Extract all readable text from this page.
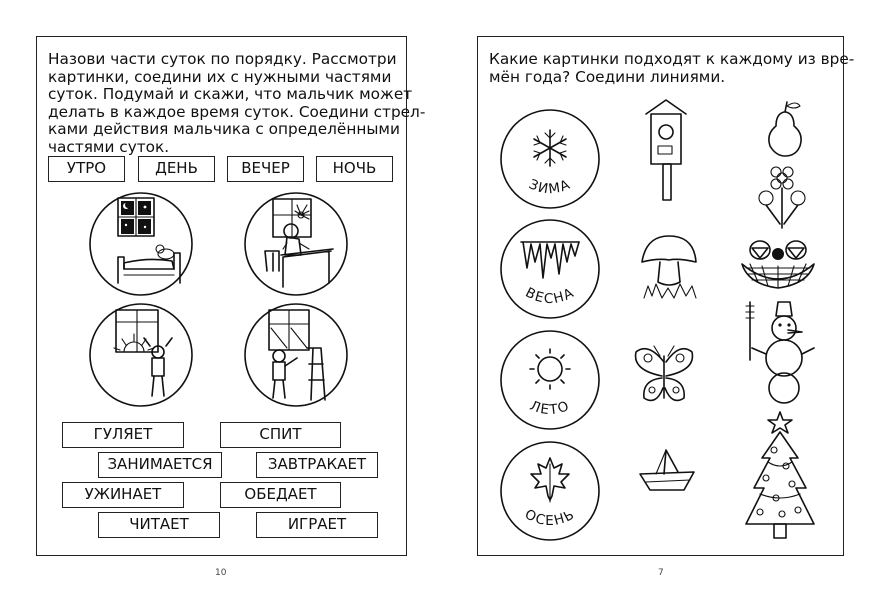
Назови части суток по порядку. Рассмотри
картинки, соедини их с нужными частями
суток. Подумай и скажи, что мальчик может
делать в каждое время суток. Соедини стрел-
ками действия мальчика с определёнными
частями суток.
УТРО	ДЕНЬ	ВЕЧЕР	НОЧЬ
ГУЛЯЕТ	СПИТ
ЗАНИМАЕТСЯ	ЗАВТРАКАЕТ
УЖИНАЕТ	ОБЕДАЕТ
ЧИТАЕТ	ИГРАЕТ
10
Какие картинки подходят к каждому из вре-
мён года? Соедини линиями.
ЗИМА
ВЕСНА
ЛЕТО
ОСЕНЬ
7
